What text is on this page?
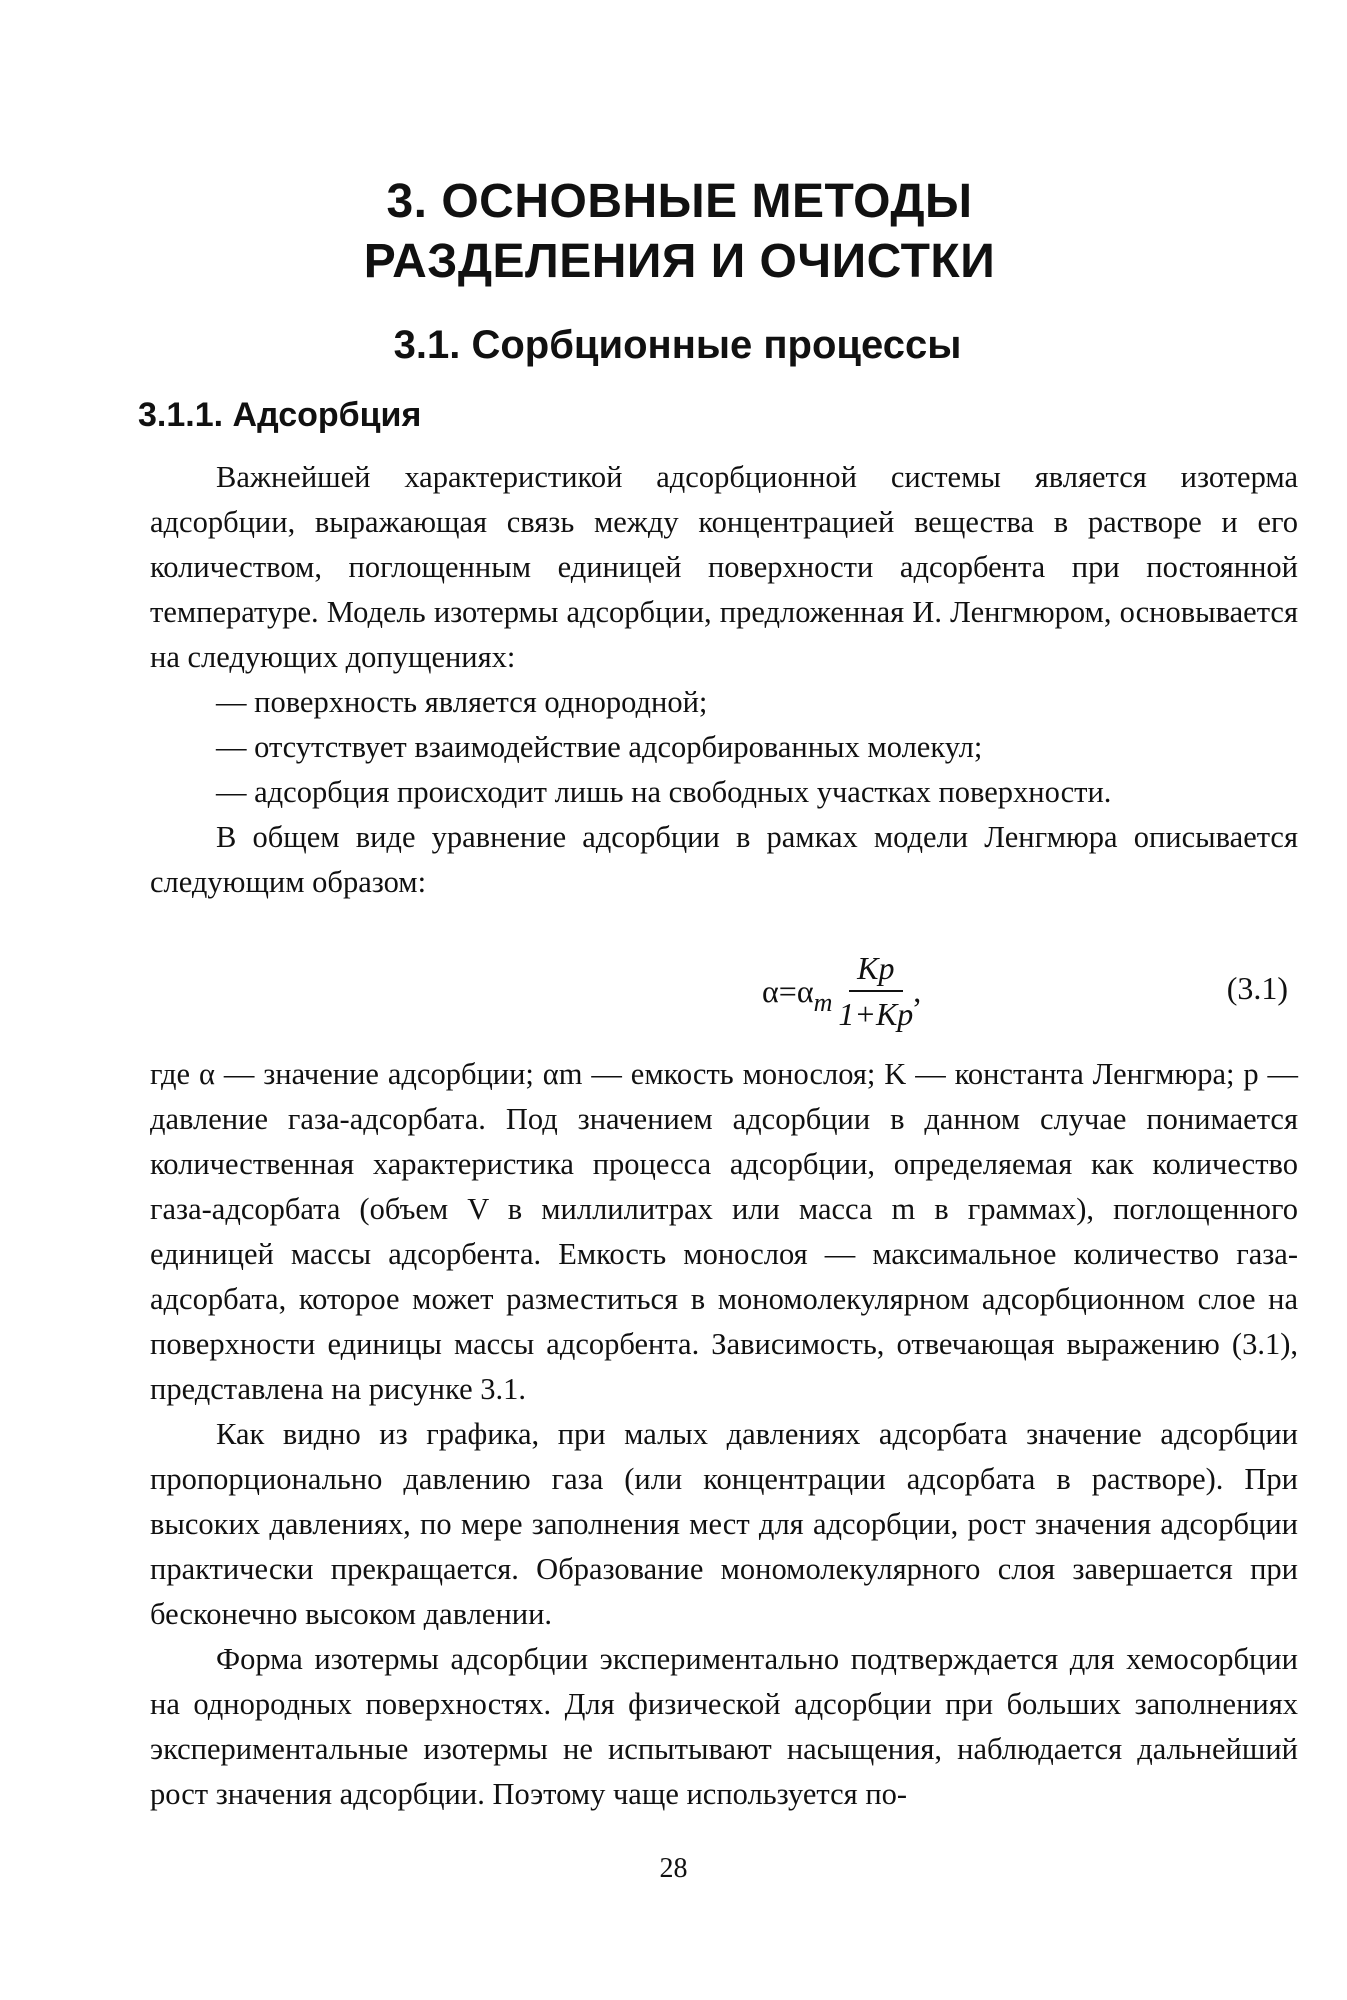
3. ОСНОВНЫЕ МЕТОДЫ
РАЗДЕЛЕНИЯ И ОЧИСТКИ
3.1. Сорбционные процессы
3.1.1. Адсорбция

Важнейшей характеристикой адсорбционной системы является изотерма адсорбции, выражающая связь между концентрацией вещества в растворе и его количеством, поглощенным единицей поверхности адсорбента при постоянной температуре. Модель изотермы адсорбции, предложенная И. Ленгмюром, основывается на следующих допущениях:

— поверхность является однородной;

— отсутствует взаимодействие адсорбированных молекул;

— адсорбция происходит лишь на свободных участках поверхности.

В общем виде уравнение адсорбции в рамках модели Ленгмюра описывается следующим образом:

α = α m $\frac{Kp}{1+Kp}$ ,	(3.1)

где α — значение адсорбции; αm — емкость монослоя; K — константа Ленгмюра; p — давление газа-адсорбата. Под значением адсорбции в данном случае понимается количественная характеристика процесса адсорбции, определяемая как количество газа-адсорбата (объем V в миллилитрах или масса m в граммах), поглощенного единицей массы адсорбента. Емкость монослоя — максимальное количество газа-адсорбата, которое может разместиться в мономолекулярном адсорбционном слое на поверхности единицы массы адсорбента. Зависимость, отвечающая выражению (3.1), представлена на рисунке 3.1.

Как видно из графика, при малых давлениях адсорбата значение адсорбции пропорционально давлению газа (или концентрации адсорбата в растворе). При высоких давлениях, по мере заполнения мест для адсорбции, рост значения адсорбции практически прекращается. Образование мономолекулярного слоя завершается при бесконечно высоком давлении.

Форма изотермы адсорбции экспериментально подтверждается для хемосорбции на однородных поверхностях. Для физической адсорбции при больших заполнениях экспериментальные изотермы не испытывают насыщения, наблюдается дальнейший рост значения адсорбции. Поэтому чаще используется по-

28
